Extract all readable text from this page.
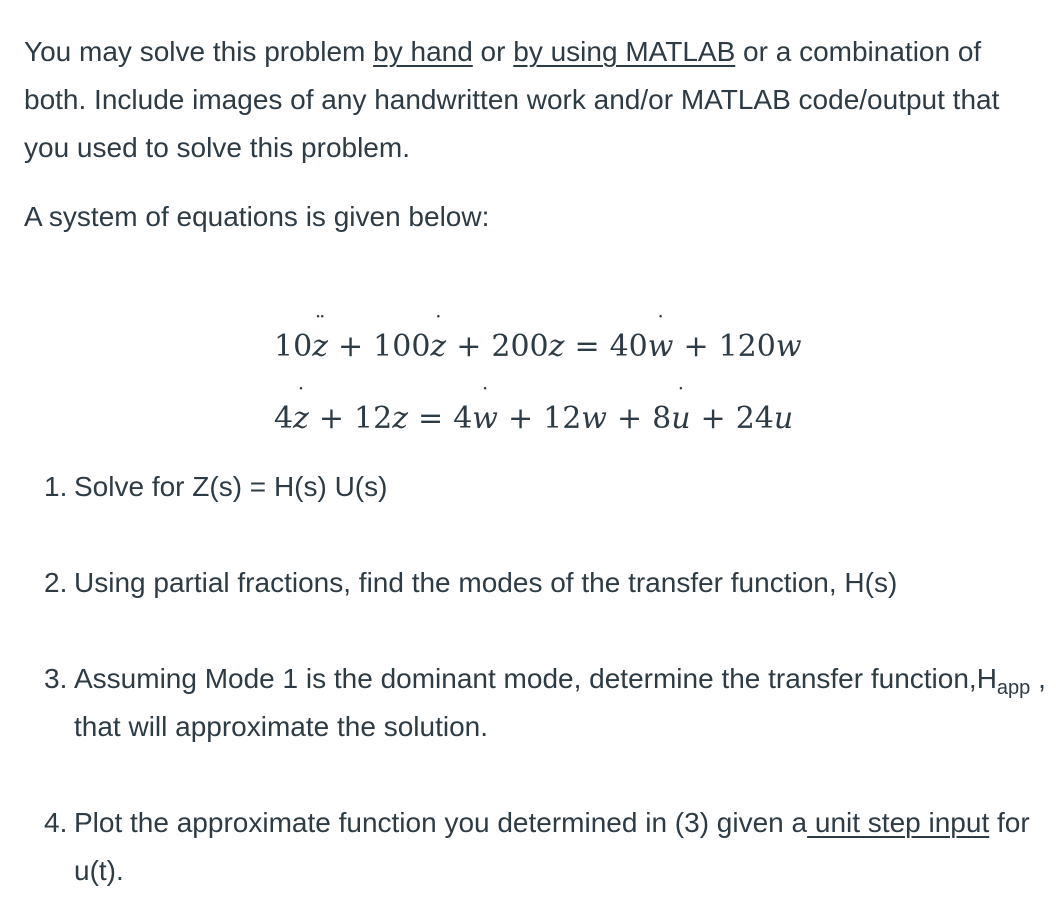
You may solve this problem by hand or by using MATLAB or a combination of both. Include images of any handwritten work and/or MATLAB code/output that you used to solve this problem.

A system of equations is given below:

10¨ z + 100˙ z + 200z = 40˙ w + 120w
4˙ z + 12z = 4˙ w + 12w + 8˙ u + 24u
1. Solve for Z(s) = H(s) U(s)
2. Using partial fractions, find the modes of the transfer function, H(s)
3. Assuming Mode 1 is the dominant mode, determine the transfer $function,H_{app}$ , that will approximate the solution.
4. Plot the approximate function you determined in (3) given a unit step input for u(t).
